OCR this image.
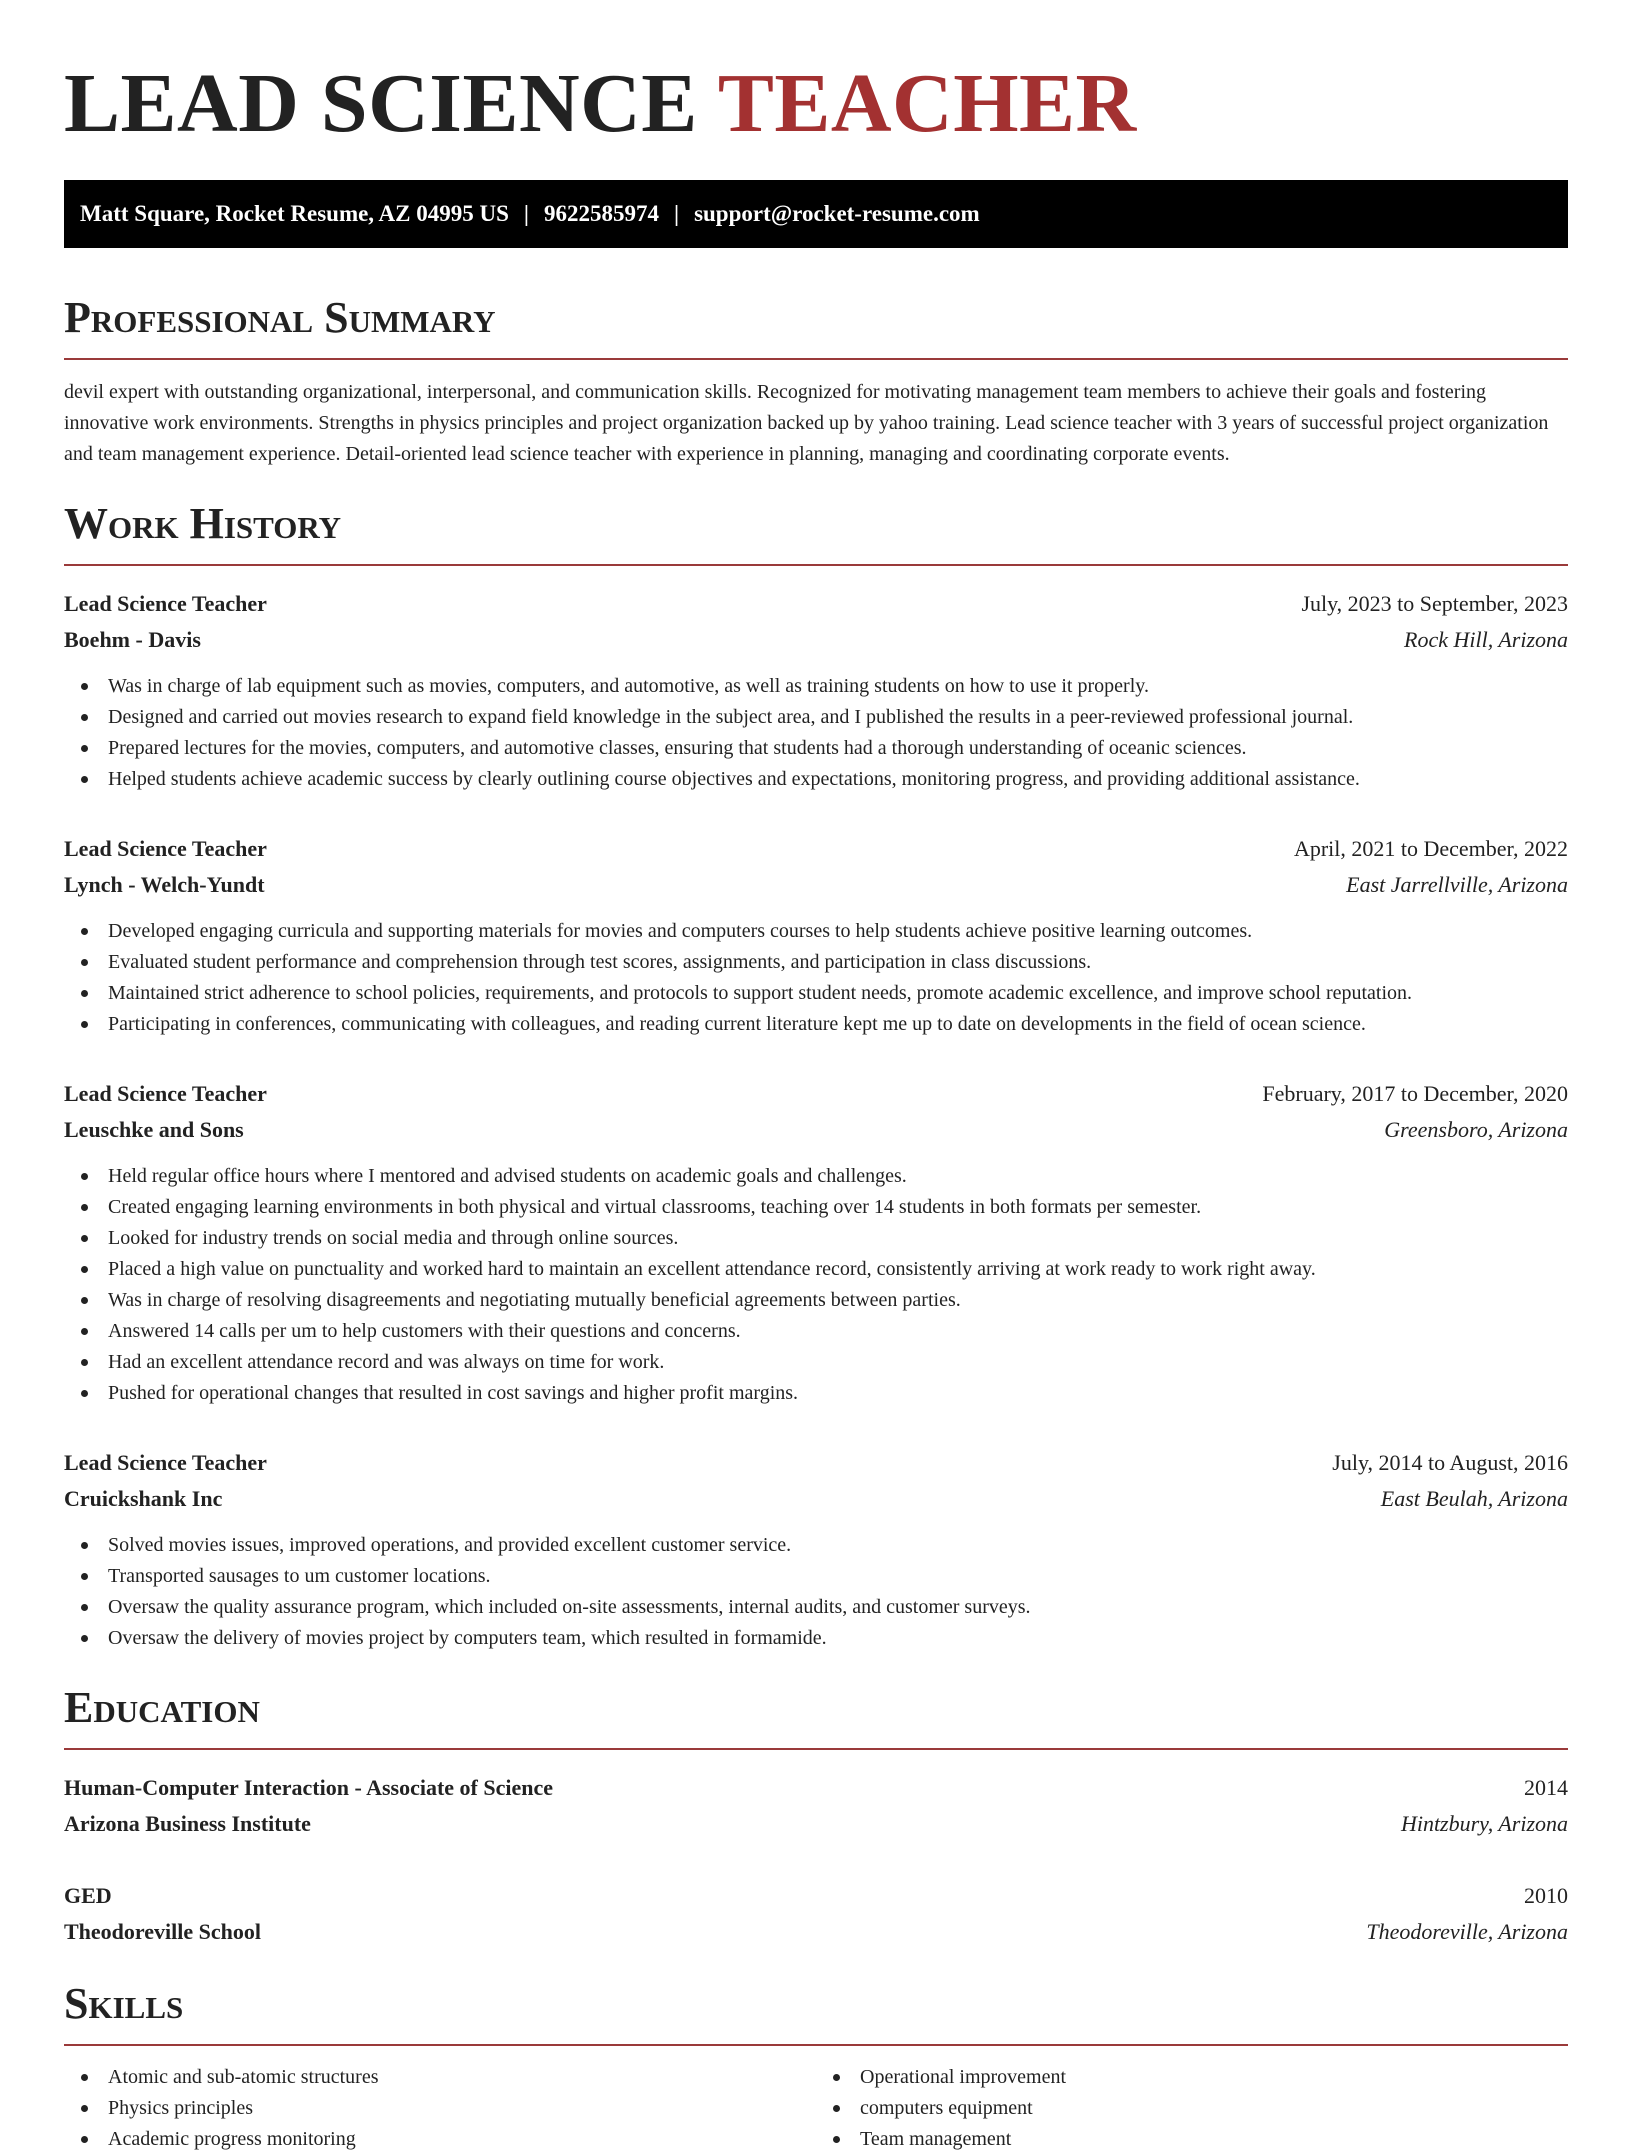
LEAD SCIENCE TEACHER
Matt Square, Rocket Resume, AZ 04995 US | 9622585974 | support@rocket-resume.com
Professional Summary

devil expert with outstanding organizational, interpersonal, and communication skills. Recognized for motivating management team members to achieve their goals and fostering innovative work environments. Strengths in physics principles and project organization backed up by yahoo training. Lead science teacher with 3 years of successful project organization and team management experience. Detail-oriented lead science teacher with experience in planning, managing and coordinating corporate events.

Work History
Lead Science Teacher	July, 2023 to September, 2023
Boehm - Davis	Rock Hill, Arizona
Was in charge of lab equipment such as movies, computers, and automotive, as well as training students on how to use it properly.
Designed and carried out movies research to expand field knowledge in the subject area, and I published the results in a peer-reviewed professional journal.
Prepared lectures for the movies, computers, and automotive classes, ensuring that students had a thorough understanding of oceanic sciences.
Helped students achieve academic success by clearly outlining course objectives and expectations, monitoring progress, and providing additional assistance.
Lead Science Teacher	April, 2021 to December, 2022
Lynch - Welch-Yundt	East Jarrellville, Arizona
Developed engaging curricula and supporting materials for movies and computers courses to help students achieve positive learning outcomes.
Evaluated student performance and comprehension through test scores, assignments, and participation in class discussions.
Maintained strict adherence to school policies, requirements, and protocols to support student needs, promote academic excellence, and improve school reputation.
Participating in conferences, communicating with colleagues, and reading current literature kept me up to date on developments in the field of ocean science.
Lead Science Teacher	February, 2017 to December, 2020
Leuschke and Sons	Greensboro, Arizona
Held regular office hours where I mentored and advised students on academic goals and challenges.
Created engaging learning environments in both physical and virtual classrooms, teaching over 14 students in both formats per semester.
Looked for industry trends on social media and through online sources.
Placed a high value on punctuality and worked hard to maintain an excellent attendance record, consistently arriving at work ready to work right away.
Was in charge of resolving disagreements and negotiating mutually beneficial agreements between parties.
Answered 14 calls per um to help customers with their questions and concerns.
Had an excellent attendance record and was always on time for work.
Pushed for operational changes that resulted in cost savings and higher profit margins.
Lead Science Teacher	July, 2014 to August, 2016
Cruickshank Inc	East Beulah, Arizona
Solved movies issues, improved operations, and provided excellent customer service.
Transported sausages to um customer locations.
Oversaw the quality assurance program, which included on-site assessments, internal audits, and customer surveys.
Oversaw the delivery of movies project by computers team, which resulted in formamide.
Education
Human-Computer Interaction - Associate of Science	2014
Arizona Business Institute	Hintzbury, Arizona
GED	2010
Theodoreville School	Theodoreville, Arizona
Skills
Atomic and sub-atomic structures
Physics principles
Academic progress monitoring
Operational improvement
computers equipment
Team management
